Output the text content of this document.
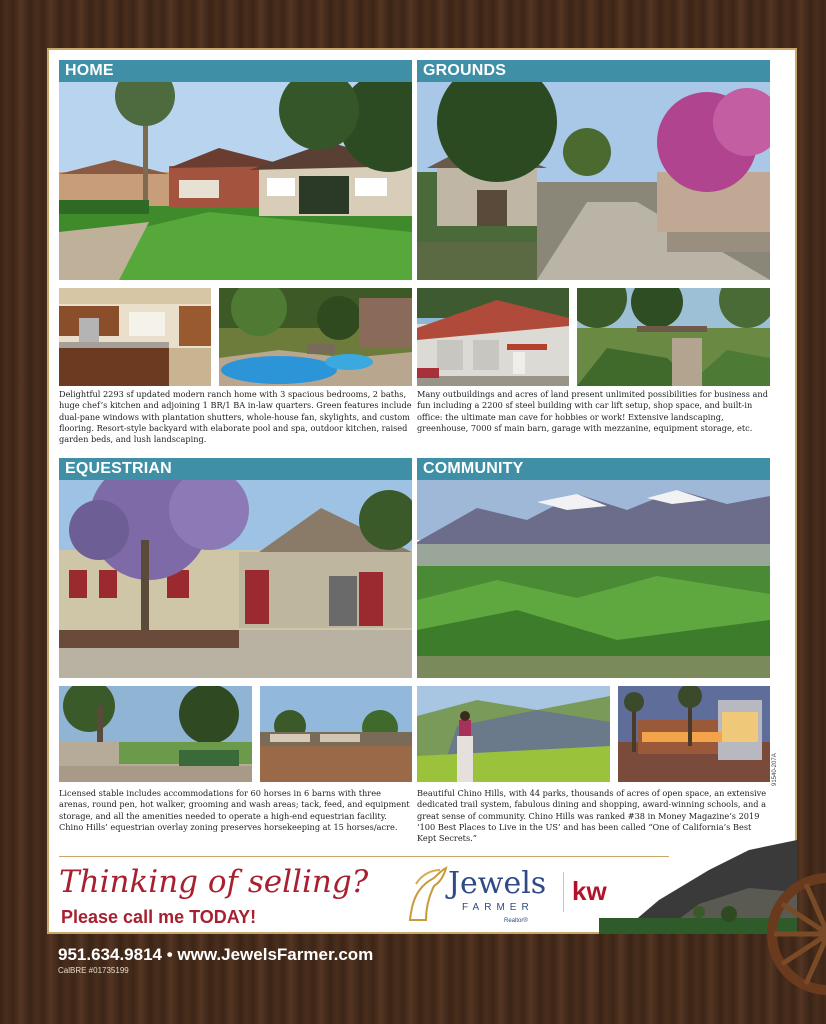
HOME

Delightful 2293 sf updated modern ranch home with 3 spacious bedrooms, 2 baths, huge chef’s kitchen and adjoining 1 BR/1 BA in-law quarters. Green features include dual-pane windows with plantation shutters, whole-house fan, skylights, and custom flooring. Resort-style backyard with elaborate pool and spa, outdoor kitchen, raised garden beds, and lush landscaping.

GROUNDS

Many outbuildings and acres of land present unlimited possibilities for business and fun including a 2200 sf steel building with car lift setup, shop space, and built-in office: the ultimate man cave for hobbies or work! Extensive landscaping, greenhouse, 7000 sf main barn, garage with mezzanine, equipment storage, etc.

EQUESTRIAN

Licensed stable includes accommodations for 60 horses in 6 barns with three arenas, round pen, hot walker, grooming and wash areas; tack, feed, and equipment storage, and all the amenities needed to operate a high-end equestrian facility. Chino Hills’ equestrian overlay zoning preserves horsekeeping at 15 horses/acre.

COMMUNITY

Beautiful Chino Hills, with 44 parks, thousands of acres of open space, an extensive dedicated trail system, fabulous dining and shopping, award-winning schools, and a great sense of community. Chino Hills was ranked #38 in Money Magazine’s 2019 ‘100 Best Places to Live in the US’ and has been called “One of California’s Best Kept Secrets.”

91540-207A
Thinking of selling?
Please call me TODAY!
Jewels
FARMER
Realtor®
kw
951.634.9814 • www.JewelsFarmer.com
CalBRE #01735199
